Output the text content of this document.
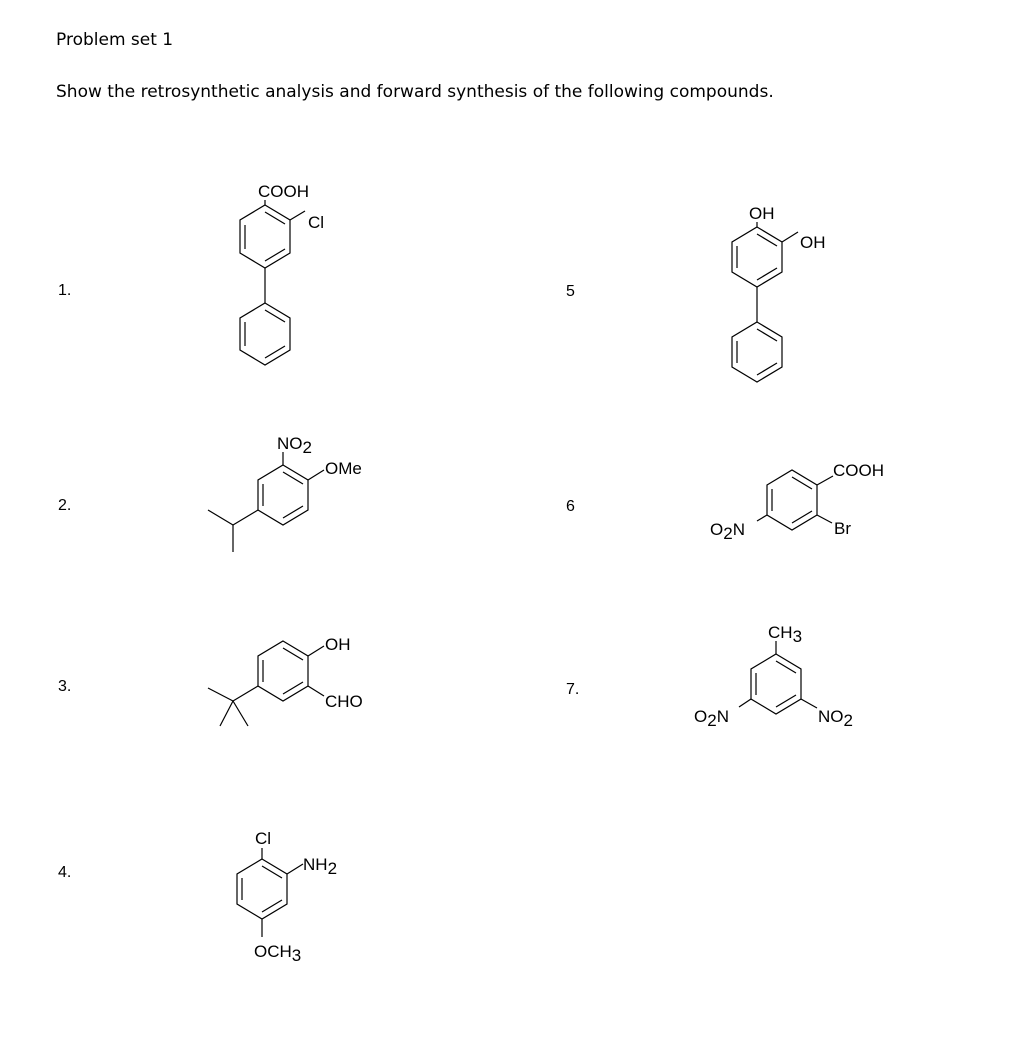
Problem set 1
Show the retrosynthetic analysis and forward synthesis of the following compounds.
1.
2.
3.
4.
5
6
7.
COOH
Cl
NO2
OMe
OH
CHO
Cl
NH2
OCH3
OH
OH
O2N
COOH
Br
CH3
O2N	NO2
